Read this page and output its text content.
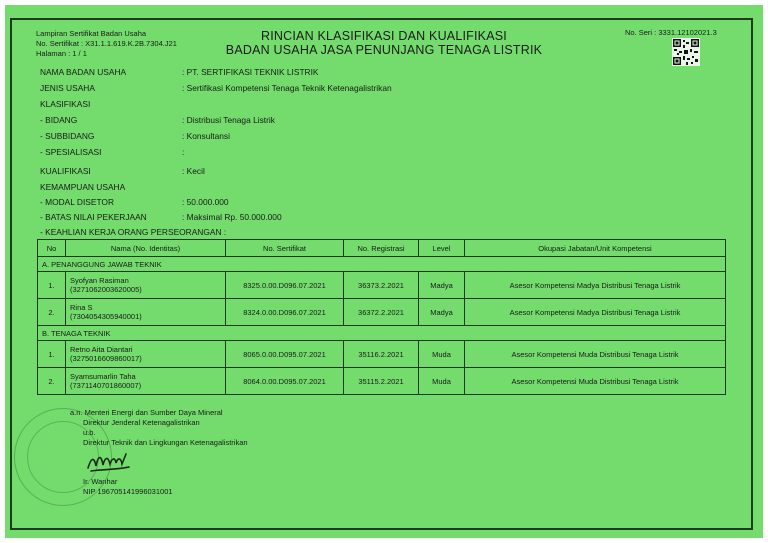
Lampiran Sertifikat Badan Usaha
No. Sertifikat : X31.1.1.619.K.2B.7304.J21
Halaman : 1 / 1
RINCIAN KLASIFIKASI DAN KUALIFIKASI
BADAN USAHA JASA PENUNJANG TENAGA LISTRIK
No. Seri : 3331.12102021.3
NAMA BADAN USAHA	: PT. SERTIFIKASI TEKNIK LISTRIK
JENIS USAHA	: Sertifikasi Kompetensi Tenaga Teknik Ketenagalistrikan
KLASIFIKASI
- BIDANG	: Distribusi Tenaga Listrik
- SUBBIDANG	: Konsultansi
- SPESIALISASI	:
KUALIFIKASI	: Kecil
KEMAMPUAN USAHA
- MODAL DISETOR	: 50.000.000
- BATAS NILAI PEKERJAAN	: Maksimal Rp. 50.000.000
- KEAHLIAN KERJA ORANG PERSEORANGAN :
No	Nama (No. Identitas)	No. Sertifikat	No. Registrasi	Level	Okupasi Jabatan/Unit Kompetensi
A. PENANGGUNG JAWAB TEKNIK					
1.	Syofyan Rasiman
(3271062003620005)	8325.0.00.D096.07.2021	36373.2.2021	Madya	Asesor Kompetensi Madya Distribusi Tenaga Listrik
2.	Rina S
(7304054305940001)	8324.0.00.D096.07.2021	36372.2.2021	Madya	Asesor Kompetensi Madya Distribusi Tenaga Listrik
B. TENAGA TEKNIK					
1.	Retno Aita Diantari
(3275016609860017)	8065.0.00.D095.07.2021	35116.2.2021	Muda	Asesor Kompetensi Muda Distribusi Tenaga Listrik
2.	Syamsumarlin Taha
(7371140701860007)	8064.0.00.D095.07.2021	35115.2.2021	Muda	Asesor Kompetensi Muda Distribusi Tenaga Listrik
a.n. Menteri Energi dan Sumber Daya Mineral
Direktur Jenderal Ketenagalistrikan
u.b.
Direktur Teknik dan Lingkungan Ketenagalistrikan
Ir. Wanhar
NIP 196705141996031001
